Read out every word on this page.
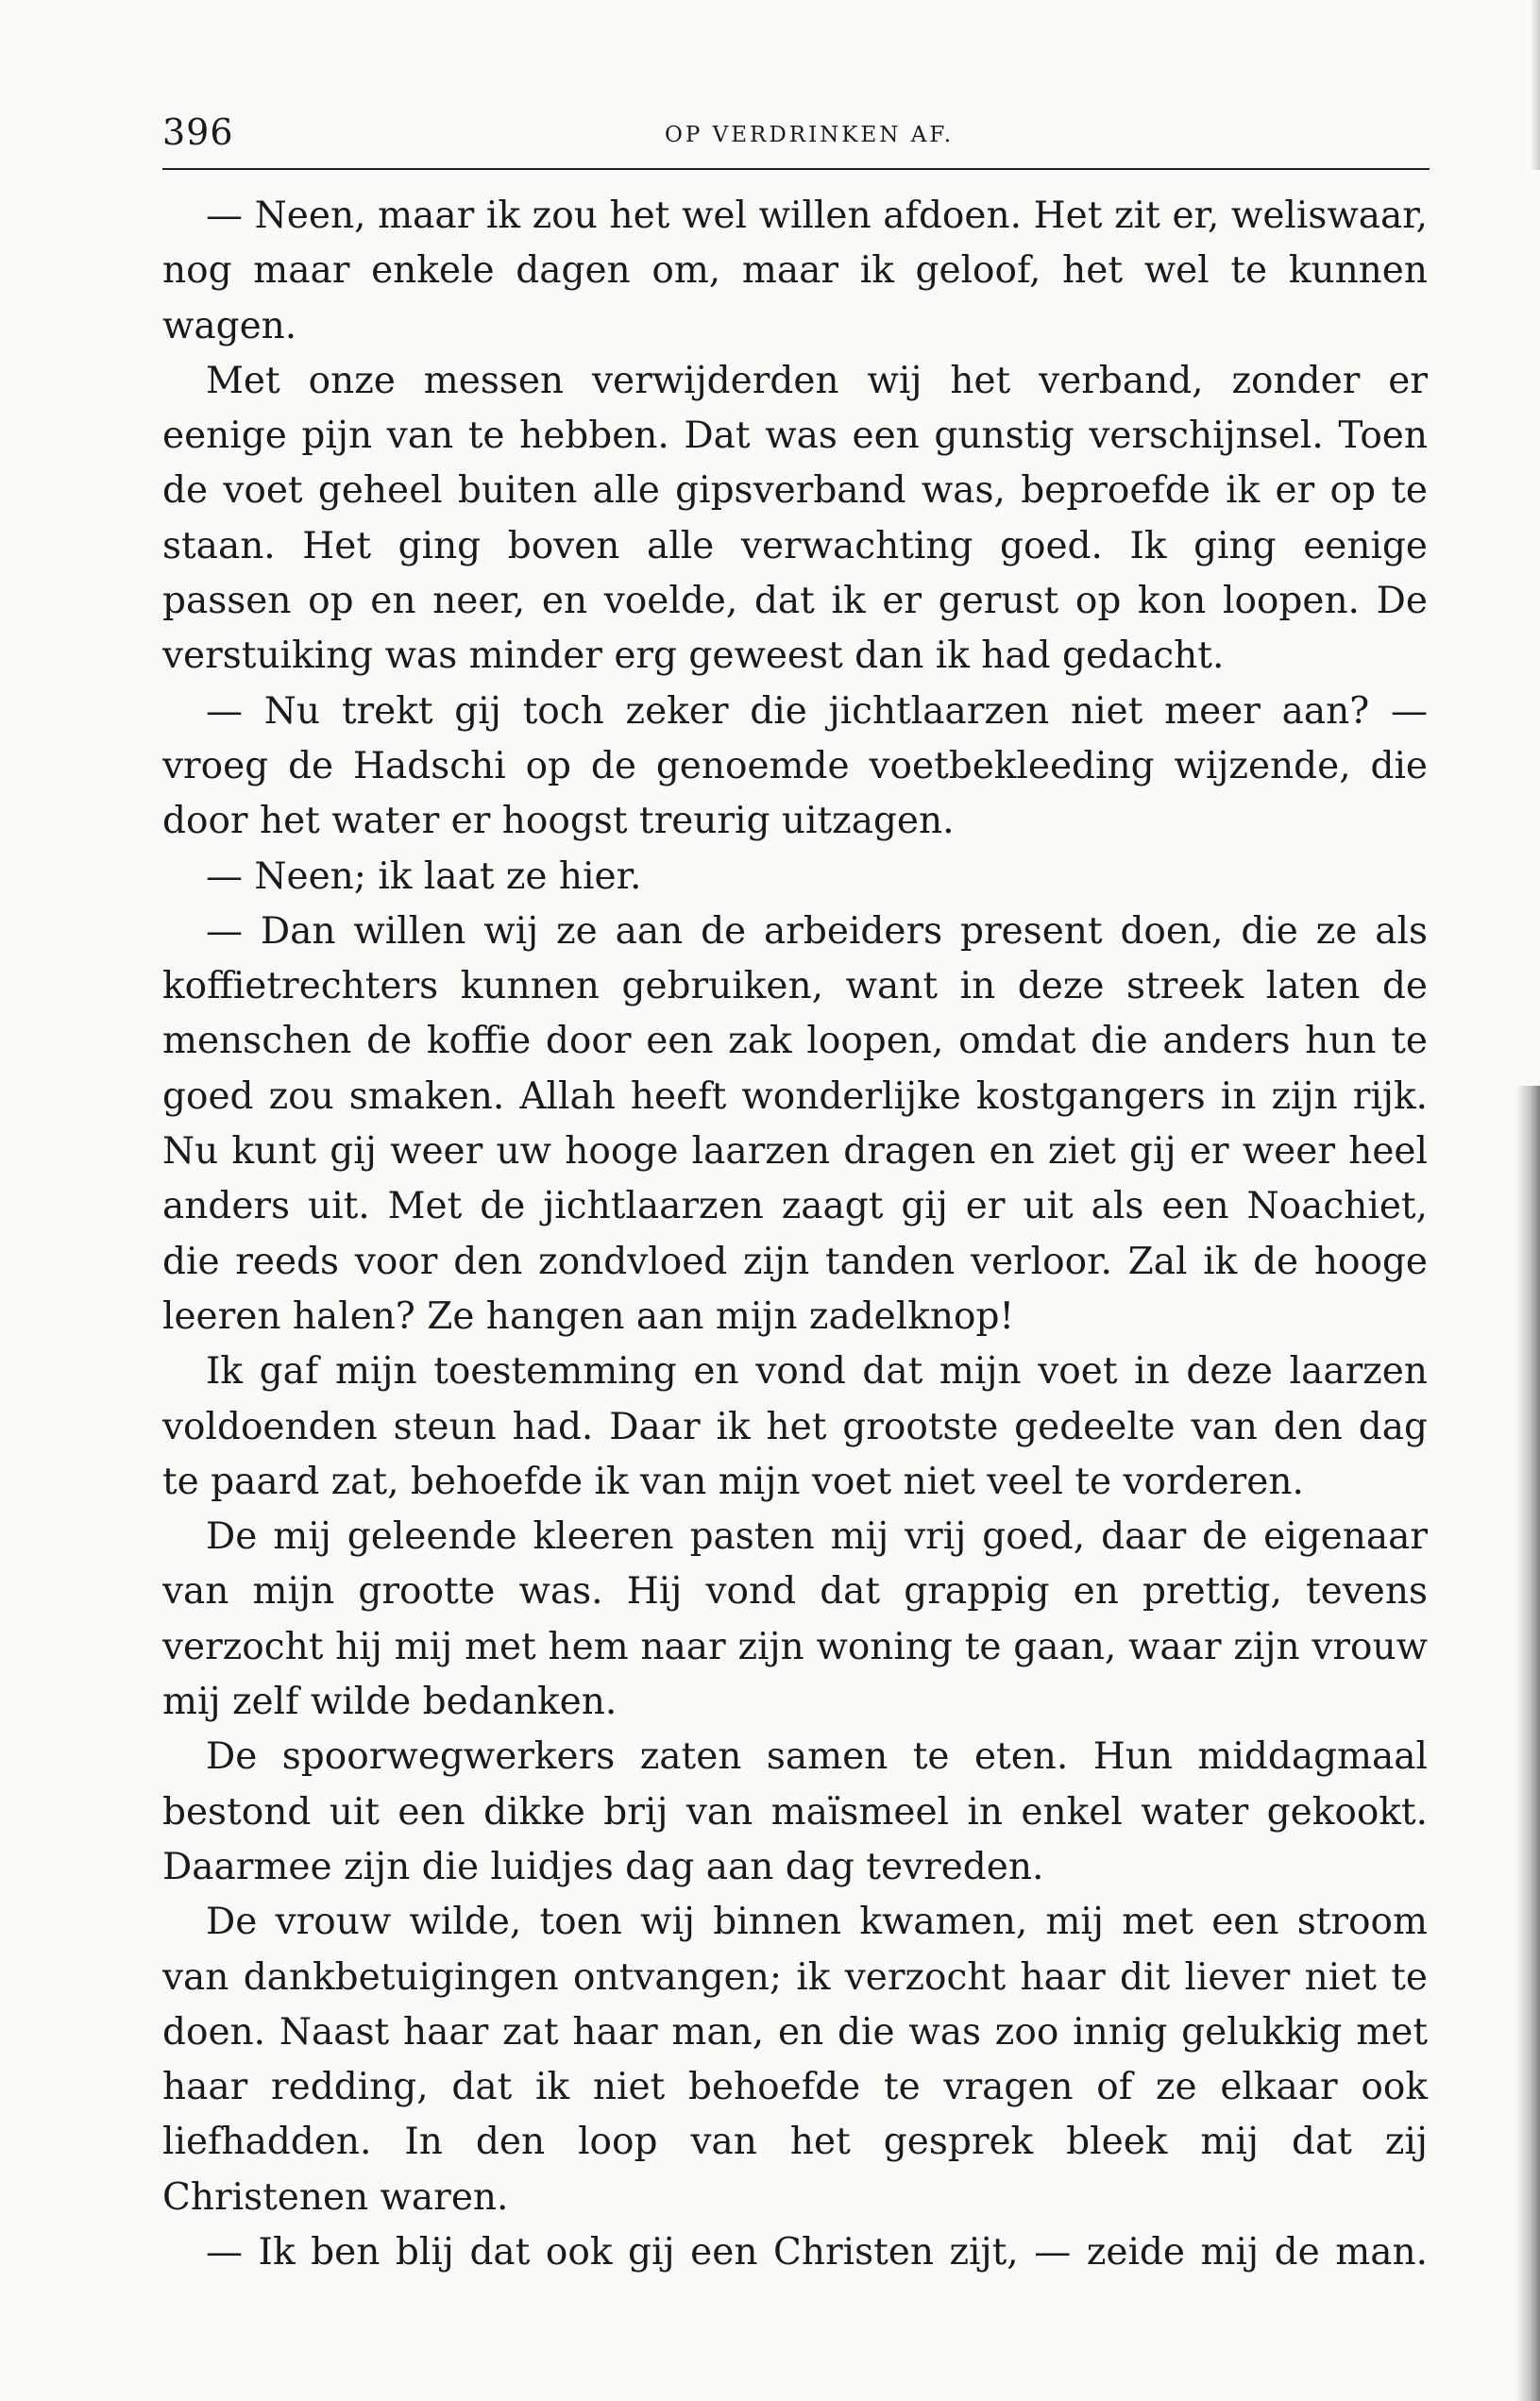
396	OP VERDRINKEN AF.

— Neen, maar ik zou het wel willen afdoen. Het zit er, weliswaar, nog maar enkele dagen om, maar ik geloof, het wel te kunnen wagen.

Met onze messen verwijderden wij het verband, zonder er eenige pijn van te hebben. Dat was een gunstig verschijnsel. Toen de voet geheel buiten alle gipsverband was, beproefde ik er op te staan. Het ging boven alle verwachting goed. Ik ging eenige passen op en neer, en voelde, dat ik er gerust op kon loopen. De verstuiking was minder erg geweest dan ik had gedacht.

— Nu trekt gij toch zeker die jichtlaarzen niet meer aan? — vroeg de Hadschi op de genoemde voetbekleeding wijzende, die door het water er hoogst treurig uitzagen.

— Neen; ik laat ze hier.

— Dan willen wij ze aan de arbeiders present doen, die ze als koffietrechters kunnen gebruiken, want in deze streek laten de menschen de koffie door een zak loopen, omdat die anders hun te goed zou smaken. Allah heeft wonderlijke kostgangers in zijn rijk. Nu kunt gij weer uw hooge laarzen dragen en ziet gij er weer heel anders uit. Met de jichtlaarzen zaagt gij er uit als een Noachiet, die reeds voor den zondvloed zijn tanden verloor. Zal ik de hooge leeren halen? Ze hangen aan mijn zadelknop!

Ik gaf mijn toestemming en vond dat mijn voet in deze laarzen voldoenden steun had. Daar ik het grootste gedeelte van den dag te paard zat, behoefde ik van mijn voet niet veel te vorderen.

De mij geleende kleeren pasten mij vrij goed, daar de eigenaar van mijn grootte was. Hij vond dat grappig en prettig, tevens verzocht hij mij met hem naar zijn woning te gaan, waar zijn vrouw mij zelf wilde bedanken.

De spoorwegwerkers zaten samen te eten. Hun middagmaal bestond uit een dikke brij van maïsmeel in enkel water gekookt. Daarmee zijn die luidjes dag aan dag tevreden.

De vrouw wilde, toen wij binnen kwamen, mij met een stroom van dankbetuigingen ontvangen; ik verzocht haar dit liever niet te doen. Naast haar zat haar man, en die was zoo innig gelukkig met haar redding, dat ik niet behoefde te vragen of ze elkaar ook liefhadden. In den loop van het gesprek bleek mij dat zij Christenen waren.

— Ik ben blij dat ook gij een Christen zijt, — zeide mij de man.
